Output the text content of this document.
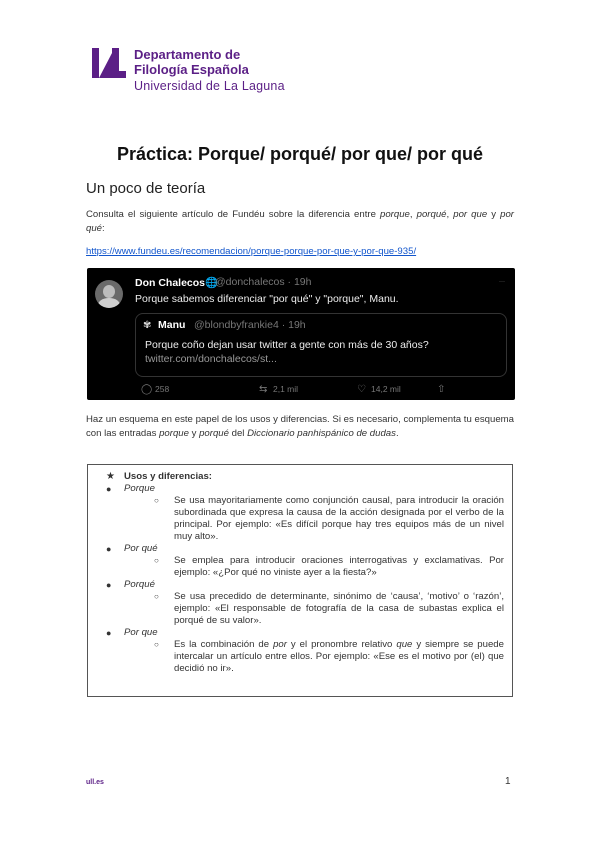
Departamento de
Filología Española
Universidad de La Laguna
Práctica: Porque/ porqué/ por que/ por qué
Un poco de teoría
Consulta el siguiente artículo de Fundéu sobre la diferencia entre porque, porqué, por que y por qué:
https://www.fundeu.es/recomendacion/porque-porque-por-que-y-por-que-935/
Don Chalecos🌐
@donchalecos · 19h	···
Porque sabemos diferenciar "por qué" y "porque", Manu.
✾ Manu @blondbyfrankie4 · 19h
Porque coño dejan usar twitter a gente con más de 30 años?
twitter.com/donchalecos/st...
◯ 258	⇆ 2,1 mil	♡ 14,2 mil	⇧
Haz un esquema en este papel de los usos y diferencias. Si es necesario, complementa tu esquema con las entradas porque y porqué del Diccionario panhispánico de dudas.
★ Usos y diferencias:
● Porque
○ Se usa mayoritariamente como conjunción causal, para introducir la oración subordinada que expresa la causa de la acción designada por el verbo de la principal. Por ejemplo: «Es difícil porque hay tres equipos más de un nivel muy alto».
● Por qué
○ Se emplea para introducir oraciones interrogativas y exclamativas. Por ejemplo: «¿Por qué no viniste ayer a la fiesta?»
● Porqué
○ Se usa precedido de determinante, sinónimo de ‘causa’, ‘motivo’ o ‘razón’, ejemplo: «El responsable de fotografía de la casa de subastas explica el porqué de su valor».
● Por que
○ Es la combinación de por y el pronombre relativo que y siempre se puede intercalar un artículo entre ellos. Por ejemplo: «Ese es el motivo por (el) que decidió no ir».
ull.es	1
